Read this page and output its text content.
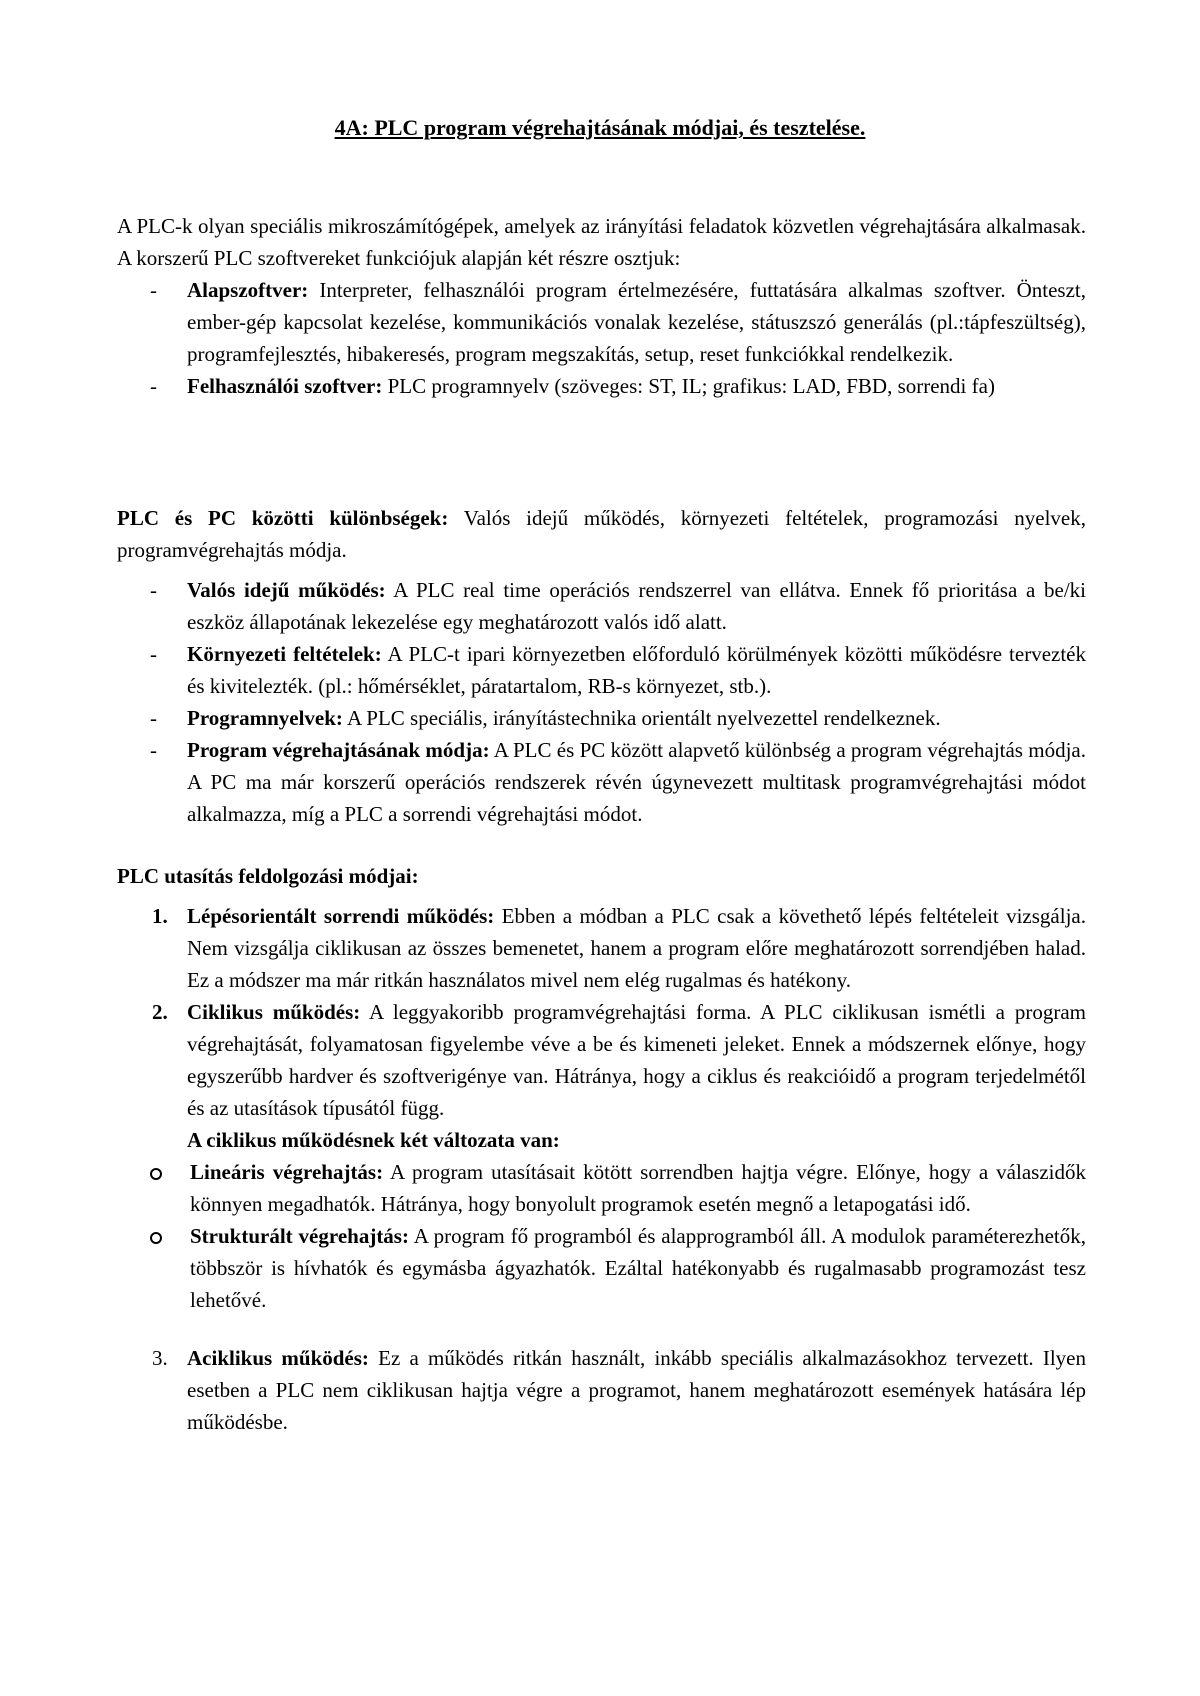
4A: PLC program végrehajtásának módjai, és tesztelése.

A PLC-k olyan speciális mikroszámítógépek, amelyek az irányítási feladatok közvetlen végrehajtására alkalmasak. A korszerű PLC szoftvereket funkciójuk alapján két részre osztjuk:

- Alapszoftver: Interpreter, felhasználói program értelmezésére, futtatására alkalmas szoftver. Önteszt, ember-gép kapcsolat kezelése, kommunikációs vonalak kezelése, státuszszó generálás (pl.:tápfeszültség), programfejlesztés, hibakeresés, program megszakítás, setup, reset funkciókkal rendelkezik.
- Felhasználói szoftver: PLC programnyelv (szöveges: ST, IL; grafikus: LAD, FBD, sorrendi fa)

PLC és PC közötti különbségek: Valós idejű működés, környezeti feltételek, programozási nyelvek, programvégrehajtás módja.

- Valós idejű működés: A PLC real time operációs rendszerrel van ellátva. Ennek fő prioritása a be/ki eszköz állapotának lekezelése egy meghatározott valós idő alatt.
- Környezeti feltételek: A PLC-t ipari környezetben előforduló körülmények közötti működésre tervezték és kivitelezték. (pl.: hőmérséklet, páratartalom, RB-s környezet, stb.).
- Programnyelvek: A PLC speciális, irányítástechnika orientált nyelvezettel rendelkeznek.
- Program végrehajtásának módja: A PLC és PC között alapvető különbség a program végrehajtás módja. A PC ma már korszerű operációs rendszerek révén úgynevezett multitask programvégrehajtási módot alkalmazza, míg a PLC a sorrendi végrehajtási módot.

PLC utasítás feldolgozási módjai:

1. Lépésorientált sorrendi működés: Ebben a módban a PLC csak a követhető lépés feltételeit vizsgálja. Nem vizsgálja ciklikusan az összes bemenetet, hanem a program előre meghatározott sorrendjében halad. Ez a módszer ma már ritkán használatos mivel nem elég rugalmas és hatékony.
2. Ciklikus működés: A leggyakoribb programvégrehajtási forma. A PLC ciklikusan ismétli a program végrehajtását, folyamatosan figyelembe véve a be és kimeneti jeleket. Ennek a módszernek előnye, hogy egyszerűbb hardver és szoftverigénye van. Hátránya, hogy a ciklus és reakcióidő a program terjedelmétől és az utasítások típusától függ.

A ciklikus működésnek két változata van:

Lineáris végrehajtás: A program utasításait kötött sorrendben hajtja végre. Előnye, hogy a válaszidők könnyen megadhatók. Hátránya, hogy bonyolult programok esetén megnő a letapogatási idő.
Strukturált végrehajtás: A program fő programból és alapprogramból áll. A modulok paraméterezhetők, többször is hívhatók és egymásba ágyazhatók. Ezáltal hatékonyabb és rugalmasabb programozást tesz lehetővé.
3. Aciklikus működés: Ez a működés ritkán használt, inkább speciális alkalmazásokhoz tervezett. Ilyen esetben a PLC nem ciklikusan hajtja végre a programot, hanem meghatározott események hatására lép működésbe.
